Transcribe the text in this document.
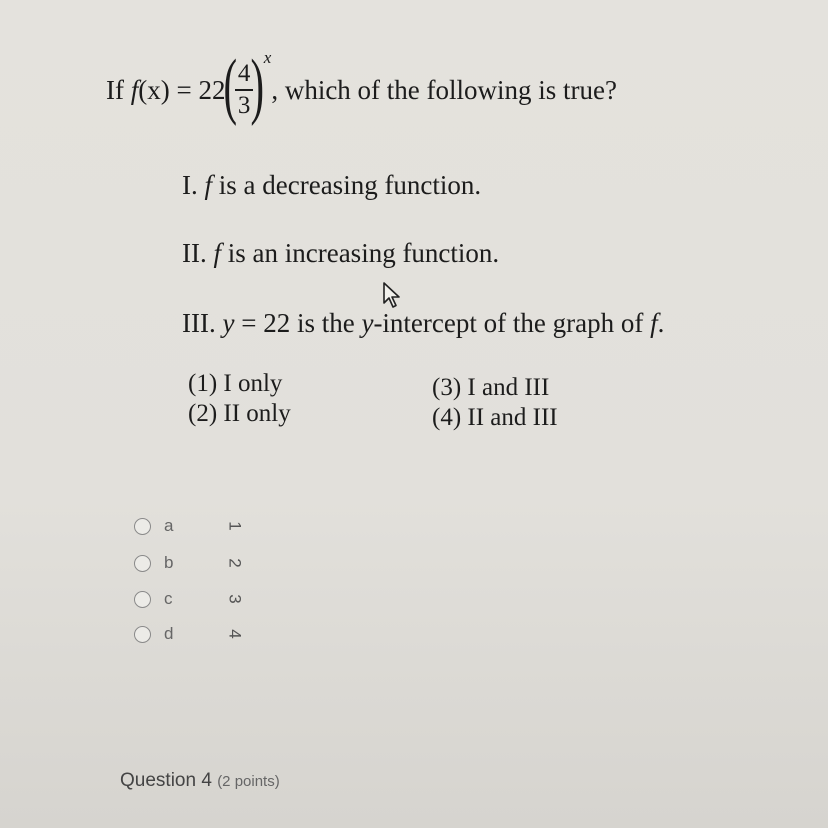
If
f (x)
= 22
(
$\frac{4}{3}$
) x
, which of the following is true?
I. f is a decreasing function.
II. f is an increasing function.
III. y = 22 is the y-intercept of the graph of f.
(1) I only
(2) II only
(3) I and III
(4) II and III
a	1
b	2
c	3
d	4
Question 4 (2 points)
